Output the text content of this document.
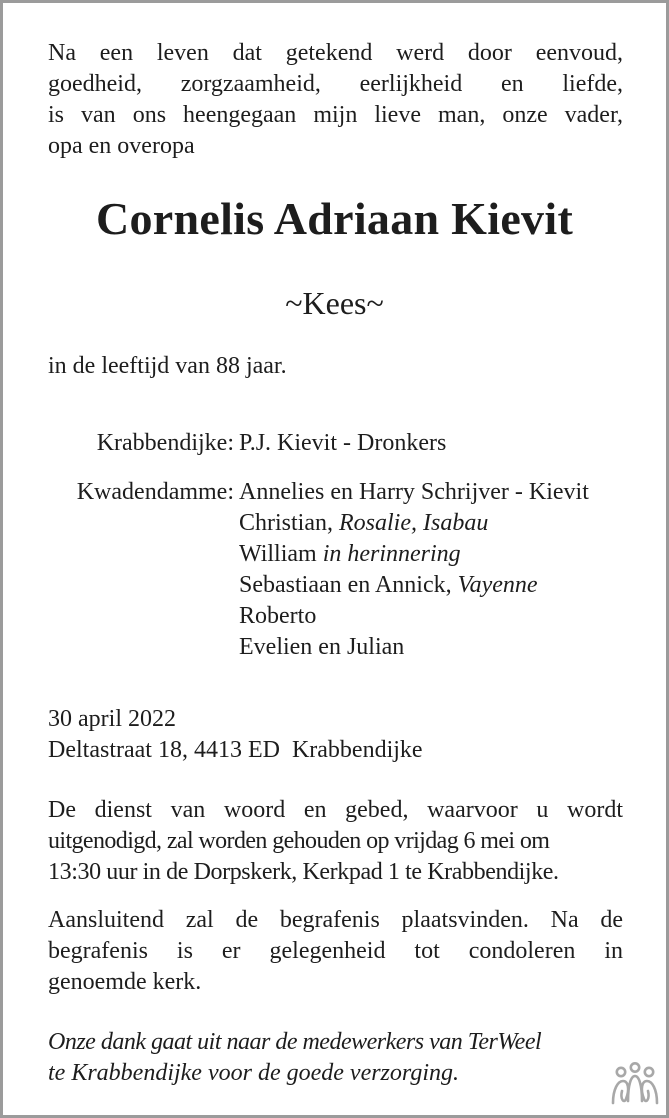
Na een leven dat getekend werd door eenvoud,
goedheid, zorgzaamheid, eerlijkheid en liefde,
is van ons heengegaan mijn lieve man, onze vader,
opa en overopa

Cornelis Adriaan Kievit
~Kees~

in de leeftijd van 88 jaar.

Krabbendijke: P.J. Kievit - Dronkers
Kwadendamme: Annelies en Harry Schrijver - Kievit
Christian, Rosalie, Isabau
William in herinnering
Sebastiaan en Annick, Vayenne
Roberto
Evelien en Julian

30 april 2022
Deltastraat 18, 4413 ED  Krabbendijke

De dienst van woord en gebed, waarvoor u wordt
uitgenodigd, zal worden gehouden op vrijdag 6 mei om
13:30 uur in de Dorpskerk, Kerkpad 1 te Krabbendijke.

Aansluitend zal de begrafenis plaatsvinden. Na de
begrafenis is er gelegenheid tot condoleren in
genoemde kerk.

Onze dank gaat uit naar de medewerkers van TerWeel
te Krabbendijke voor de goede verzorging.
